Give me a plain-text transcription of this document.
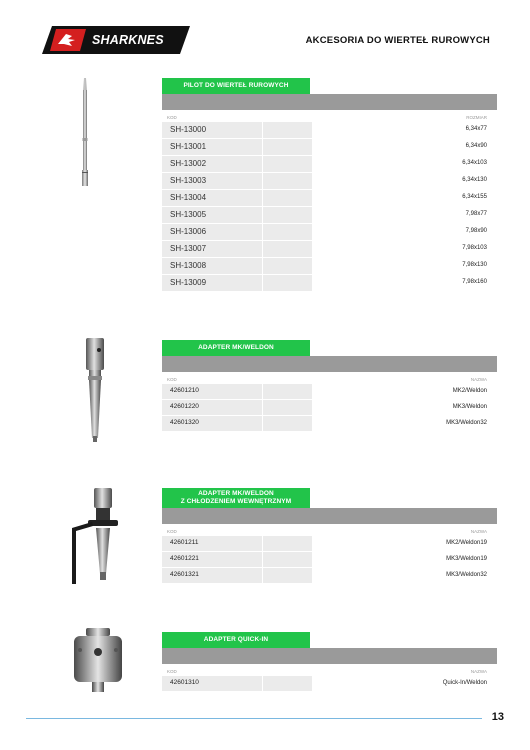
SHARKNES	AKCESORIA DO WIERTEŁ RUROWYCH
PILOT DO WIERTEŁ RUROWYCH
KOD	ROZMIAR
SH-13000	6,34x77
SH-13001	6,34x90
SH-13002	6,34x103
SH-13003	6,34x130
SH-13004	6,34x155
SH-13005	7,98x77
SH-13006	7,98x90
SH-13007	7,98x103
SH-13008	7,98x130
SH-13009	7,98x160
ADAPTER MK/WELDON
KOD	NAZWA
42601210	MK2/Weldon
42601220	MK3/Weldon
42601320	MK3/Weldon32
ADAPTER MK/WELDON
Z CHŁODZENIEM WEWNĘTRZNYM
KOD	NAZWA
42601211	MK2/Weldon19
42601221	MK3/Weldon19
42601321	MK3/Weldon32
ADAPTER QUICK-IN
KOD	NAZWA
42601310	Quick-In/Weldon
13
